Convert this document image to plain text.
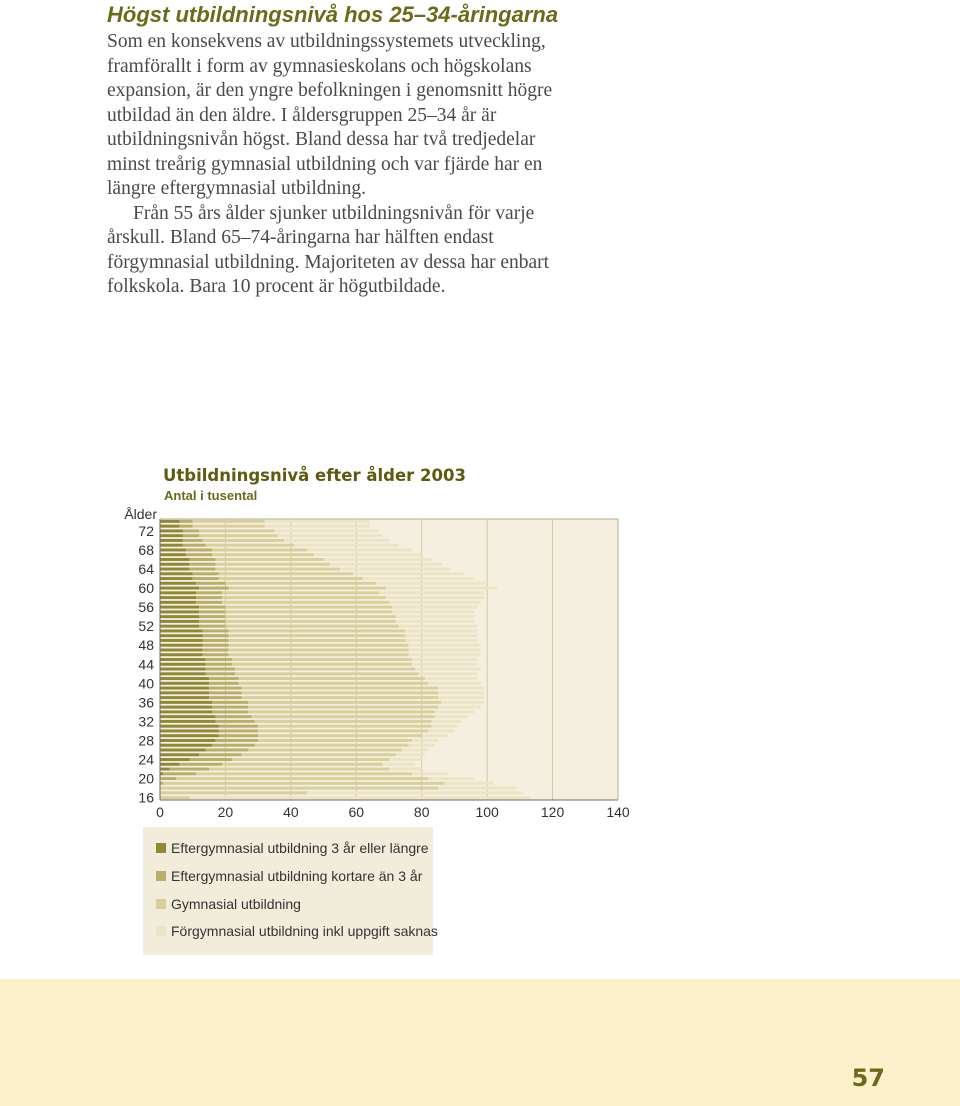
Högst utbildningsnivå hos 25–34-åringarna

Som en konsekvens av utbildningssystemets utveckling, framförallt i form av gymnasieskolans och högskolans expansion, är den yngre befolkningen i genomsnitt högre utbildad än den äldre. I åldersgruppen 25–34 år är utbildningsnivån högst. Bland dessa har två tredjedelar minst treårig gymnasial utbildning och var fjärde har en längre eftergymnasial utbildning.

Från 55 års ålder sjunker utbildningsnivån för varje årskull. Bland 65–74-åringarna har hälften endast förgymnasial utbildning. Majoriteten av dessa har enbart folkskola. Bara 10 procent är högutbildade.

Utbildningsnivå efter ålder 2003
Antal i tusental
0	20	40	60	80	100	120	140
16
20
24
28
32
36
40
44
48
52
56
60
64
68
72
Ålder
Eftergymnasial utbildning 3 år eller längre
Eftergymnasial utbildning kortare än 3 år
Gymnasial utbildning
Förgymnasial utbildning inkl uppgift saknas
57
